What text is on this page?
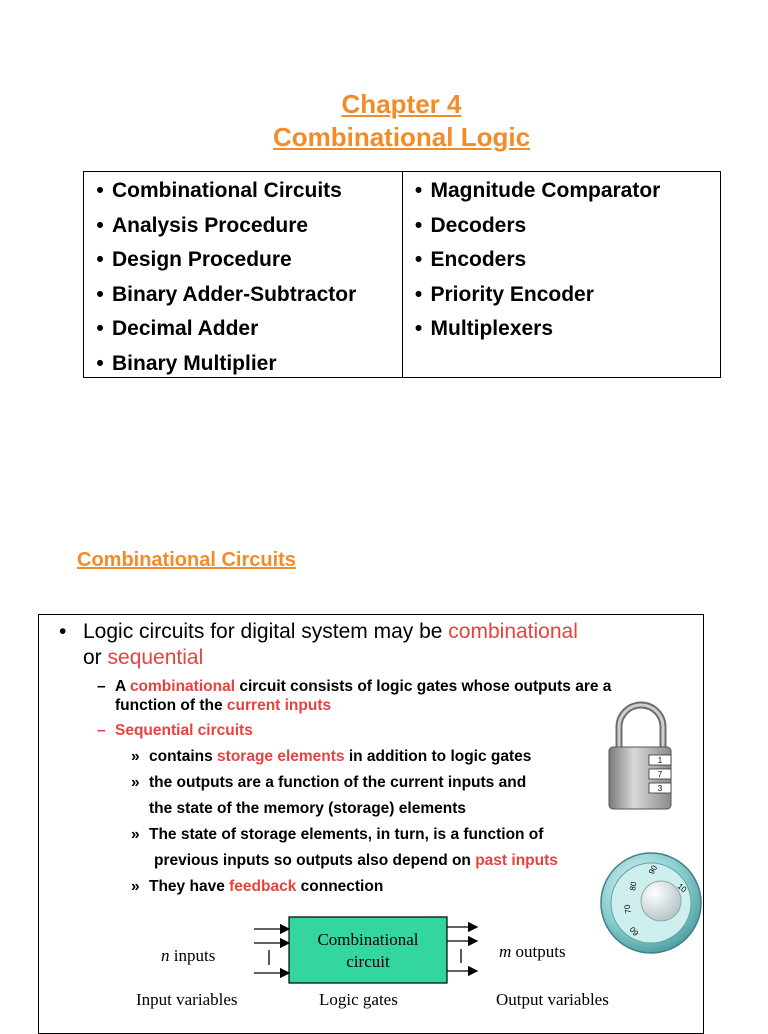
Chapter 4
Combinational Logic
• Combinational Circuits
• Analysis Procedure
• Design Procedure
• Binary Adder-Subtractor
• Decimal Adder
• Binary Multiplier
• Magnitude Comparator
• Decoders
• Encoders
• Priority Encoder
• Multiplexers
Combinational Circuits
• Logic circuits for digital system may be combinational
or sequential
– A combinational circuit consists of logic gates whose outputs are a
function of the current inputs
– Sequential circuits
» contains storage elements in addition to logic gates
» the outputs are a function of the current inputs and
the state of the memory (storage) elements
» The state of storage elements, in turn, is a function of
previous inputs so outputs also depend on past inputs
» They have feedback connection
1
7
3
10
90
80
70
60
Combinational
circuit
n inputs	m outputs
Input variables	Logic gates	Output variables
